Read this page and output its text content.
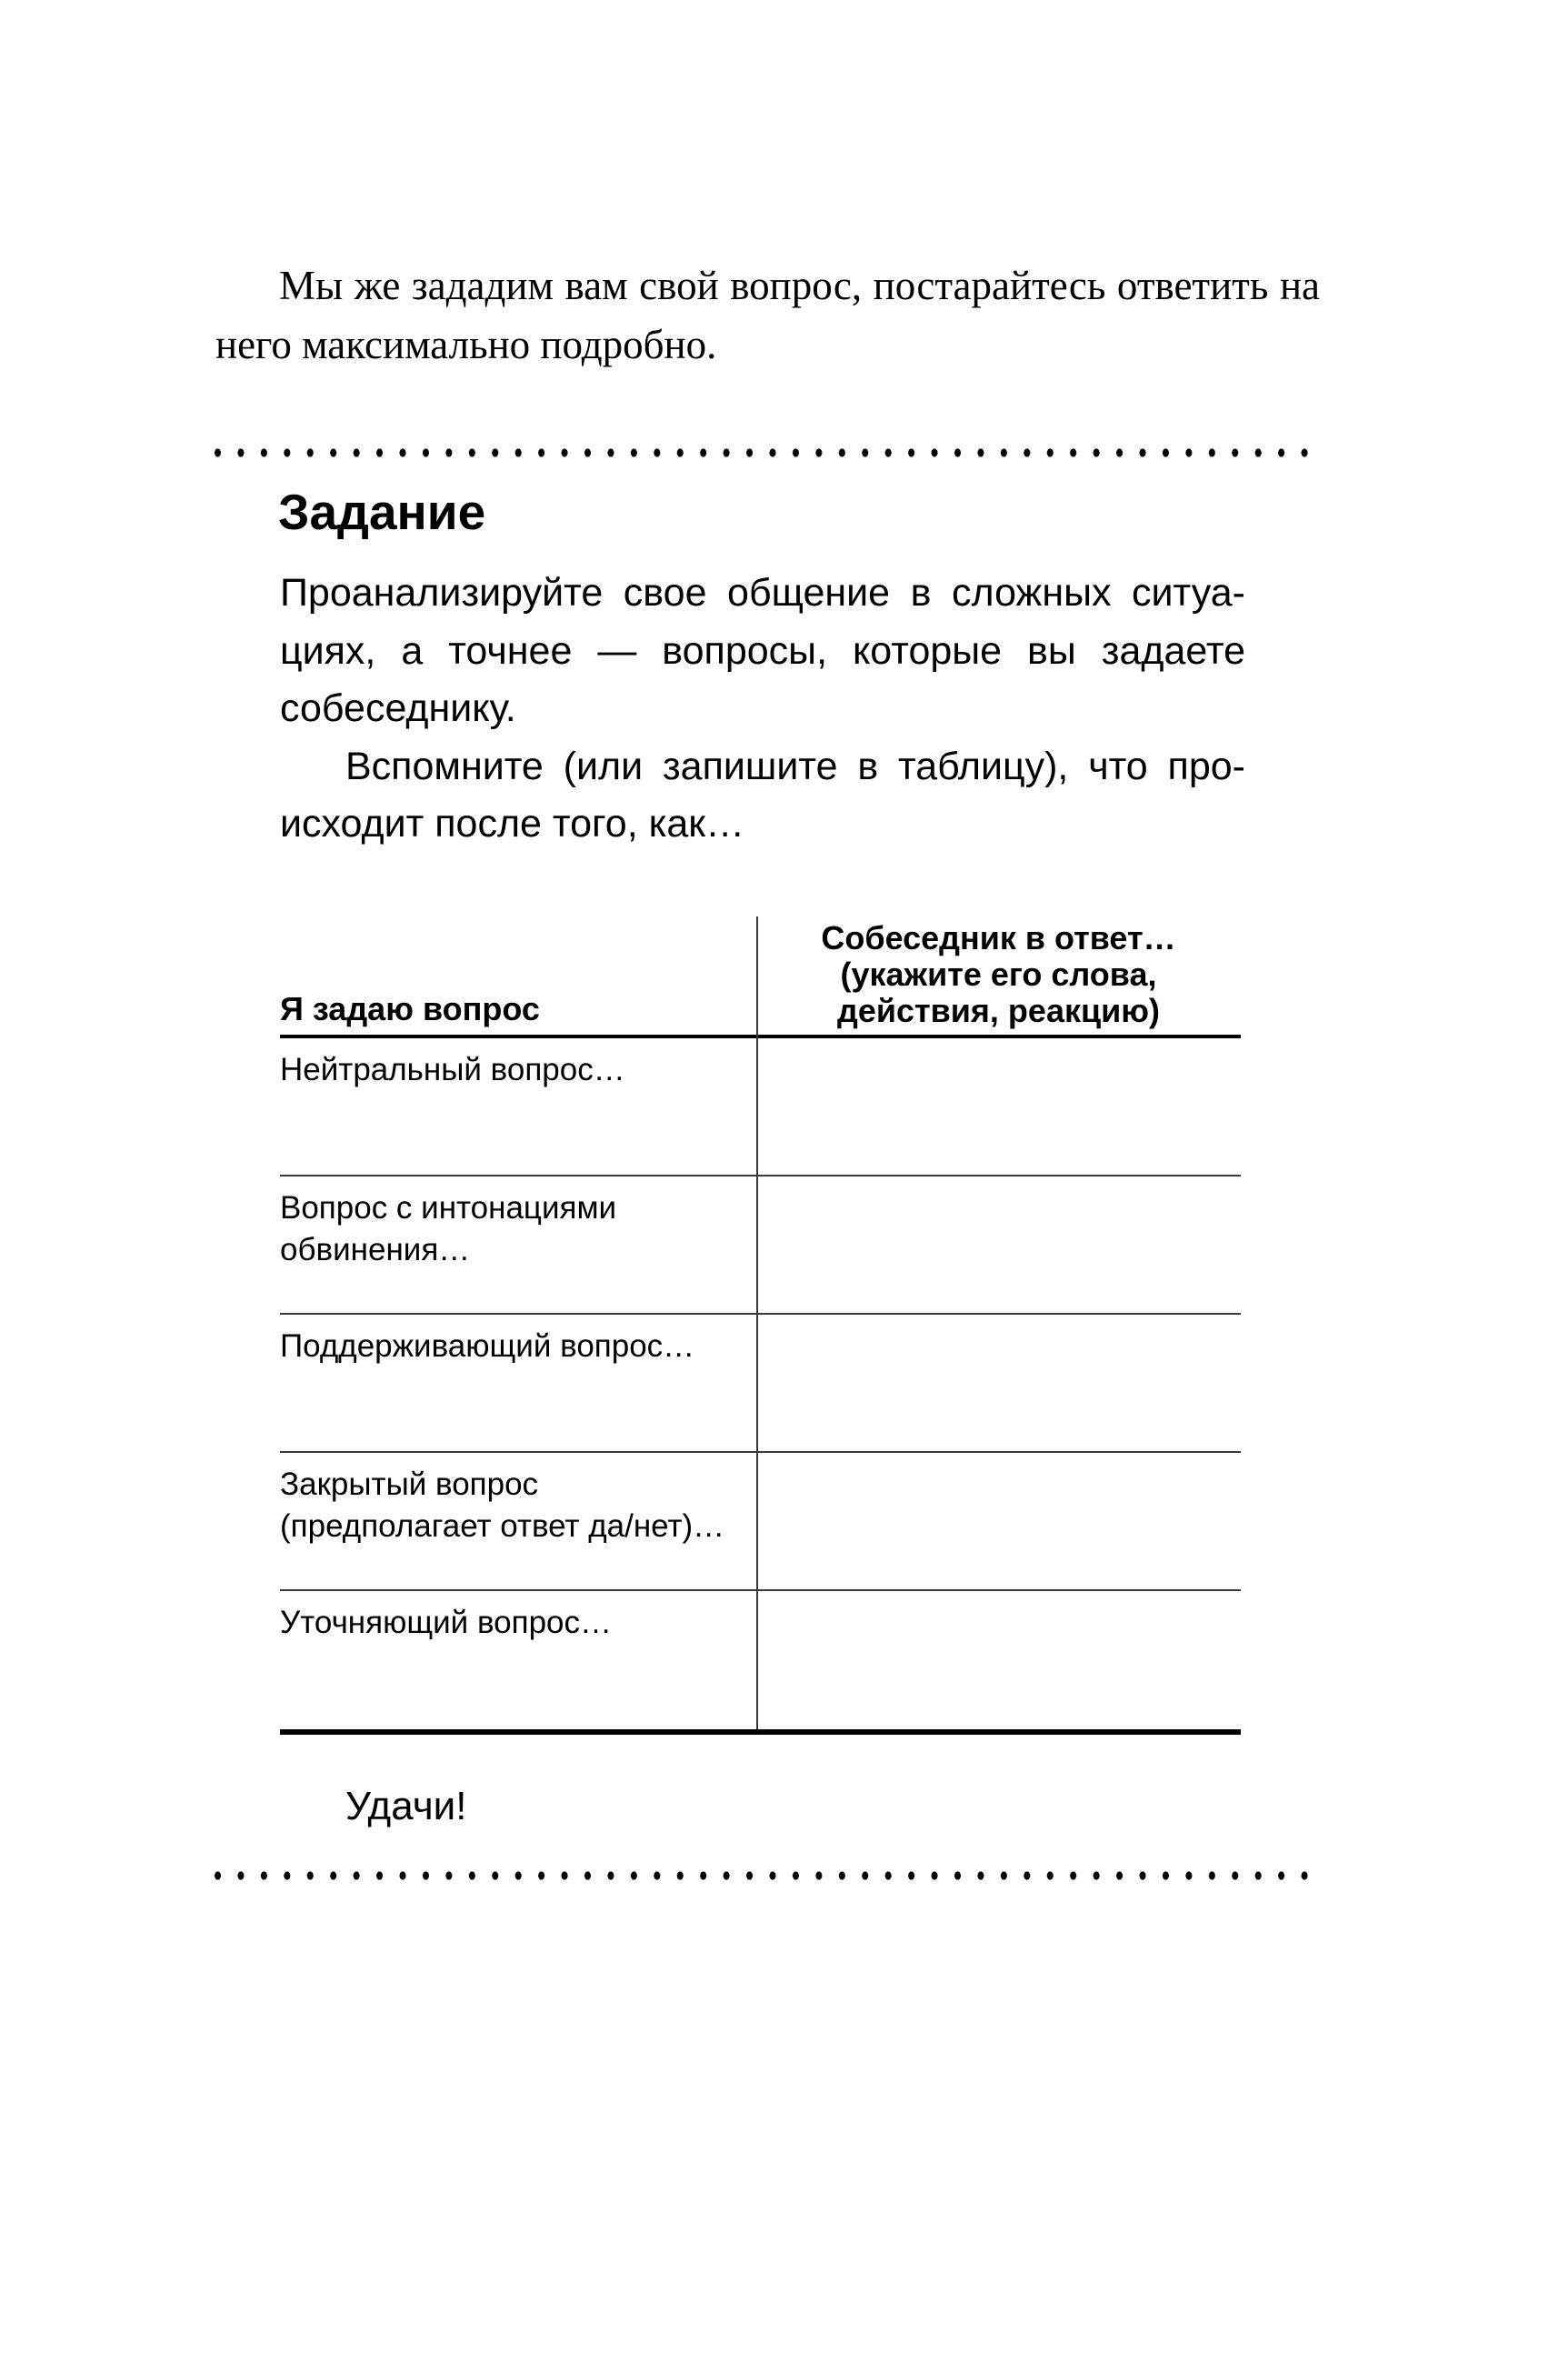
Мы же зададим вам свой вопрос, постарайтесь ответить на него максимально подробно.

Задание

Проанализируйте свое общение в сложных ситуациях, а точнее — вопросы, которые вы задаете собеседнику.

Вспомните (или запишите в таблицу), что происходит после того, как…

Я задаю вопрос
Собеседник в ответ…
(укажите его слова,
действия, реакцию)
Нейтральный вопрос…
Вопрос с интонациями
обвинения…
Поддерживающий вопрос…
Закрытый вопрос
(предполагает ответ да/нет)…
Уточняющий вопрос…

Удачи!
